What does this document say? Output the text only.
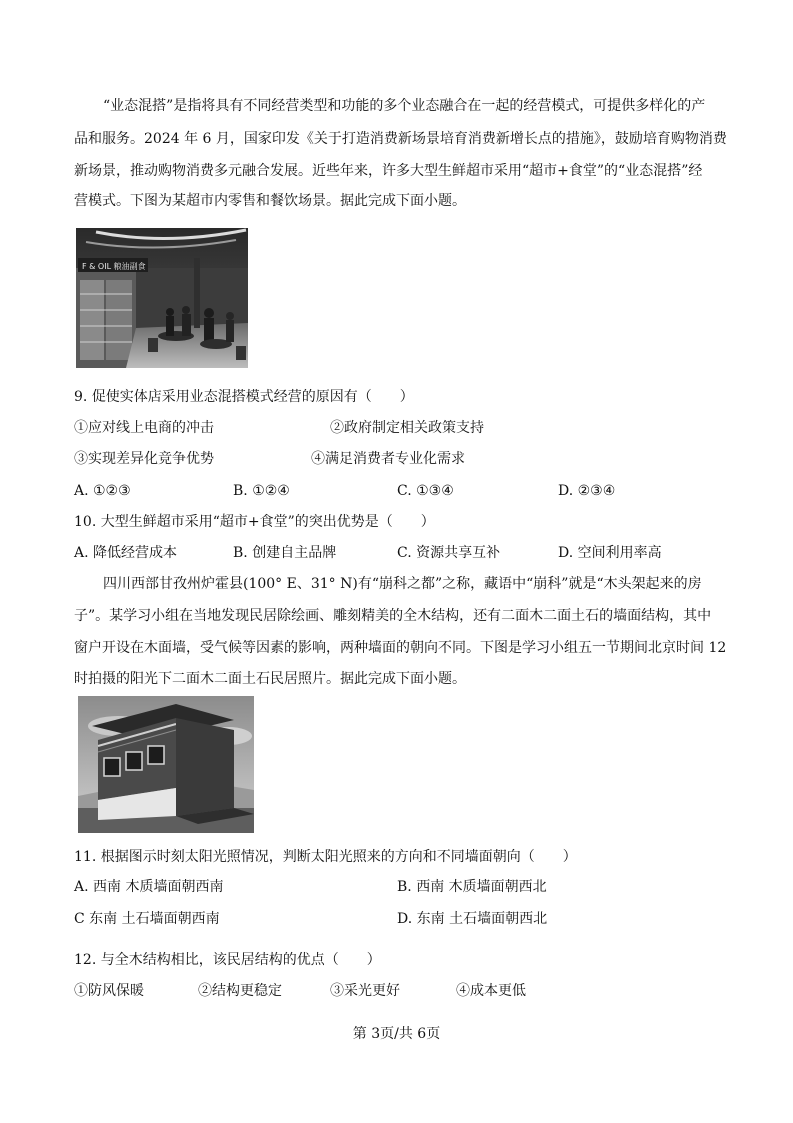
“业态混搭”是指将具有不同经营类型和功能的多个业态融合在一起的经营模式，可提供多样化的产
品和服务。2024 年 6 月，国家印发《关于打造消费新场景培育消费新增长点的措施》，鼓励培育购物消费
新场景，推动购物消费多元融合发展。近些年来，许多大型生鲜超市采用“超市+食堂”的“业态混搭”经
营模式。下图为某超市内零售和餐饮场景。据此完成下面小题。
F & OIL 粮油副食
9. 促使实体店采用业态混搭模式经营的原因有（　　）
①应对线上电商的冲击	②政府制定相关政策支持
③实现差异化竞争优势	④满足消费者专业化需求
A. ①②③	B. ①②④	C. ①③④	D. ②③④
10. 大型生鲜超市采用“超市+食堂”的突出优势是（　　）
A. 降低经营成本	B. 创建自主品牌	C. 资源共享互补	D. 空间利用率高
四川西部甘孜州炉霍县(100° E、31° N)有“崩科之都”之称，藏语中“崩科”就是“木头架起来的房
子”。某学习小组在当地发现民居除绘画、雕刻精美的全木结构，还有二面木二面土石的墙面结构，其中
窗户开设在木面墙，受气候等因素的影响，两种墙面的朝向不同。下图是学习小组五一节期间北京时间 12
时拍摄的阳光下二面木二面土石民居照片。据此完成下面小题。
11. 根据图示时刻太阳光照情况，判断太阳光照来的方向和不同墙面朝向（　　）
A. 西南 木质墙面朝西南	B. 西南 木质墙面朝西北
C 东南 土石墙面朝西南	D. 东南 土石墙面朝西北
12. 与全木结构相比，该民居结构的优点（　　）
①防风保暖	②结构更稳定	③采光更好	④成本更低
第 3页/共 6页
